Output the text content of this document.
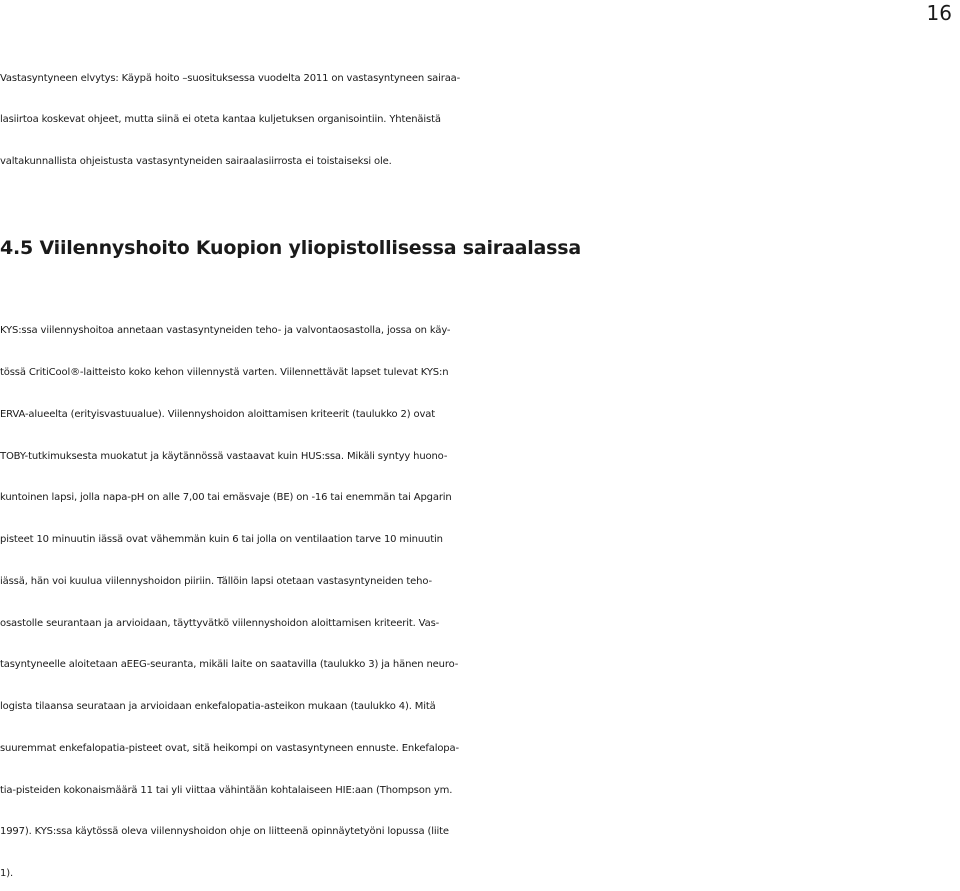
16
Vastasyntyneen elvytys: Käypä hoito –suosituksessa vuodelta 2011 on vastasyntyneen sairaa-
lasiirtoa koskevat ohjeet, mutta siinä ei oteta kantaa kuljetuksen organisointiin. Yhtenäistä
valtakunnallista ohjeistusta vastasyntyneiden sairaalasiirrosta ei toistaiseksi ole.
4.5 Viilennyshoito Kuopion yliopistollisessa sairaalassa
KYS:ssa viilennyshoitoa annetaan vastasyntyneiden teho- ja valvontaosastolla, jossa on käy-
tössä CritiCool®-laitteisto koko kehon viilennystä varten. Viilennettävät lapset tulevat KYS:n
ERVA-alueelta (erityisvastuualue). Viilennyshoidon aloittamisen kriteerit (taulukko 2) ovat
TOBY-tutkimuksesta muokatut ja käytännössä vastaavat kuin HUS:ssa. Mikäli syntyy huono-
kuntoinen lapsi, jolla napa-pH on alle 7,00 tai emäsvaje (BE) on -16 tai enemmän tai Apgarin
pisteet 10 minuutin iässä ovat vähemmän kuin 6 tai jolla on ventilaation tarve 10 minuutin
iässä, hän voi kuulua viilennyshoidon piiriin. Tällöin lapsi otetaan vastasyntyneiden teho-
osastolle seurantaan ja arvioidaan, täyttyvätkö viilennyshoidon aloittamisen kriteerit. Vas-
tasyntyneelle aloitetaan aEEG-seuranta, mikäli laite on saatavilla (taulukko 3) ja hänen neuro-
logista tilaansa seurataan ja arvioidaan enkefalopatia-asteikon mukaan (taulukko 4). Mitä
suuremmat enkefalopatia-pisteet ovat, sitä heikompi on vastasyntyneen ennuste. Enkefalopa-
tia-pisteiden kokonaismäärä 11 tai yli viittaa vähintään kohtalaiseen HIE:aan (Thompson ym.
1997). KYS:ssa käytössä oleva viilennyshoidon ohje on liitteenä opinnäytetyöni lopussa (liite
1).
